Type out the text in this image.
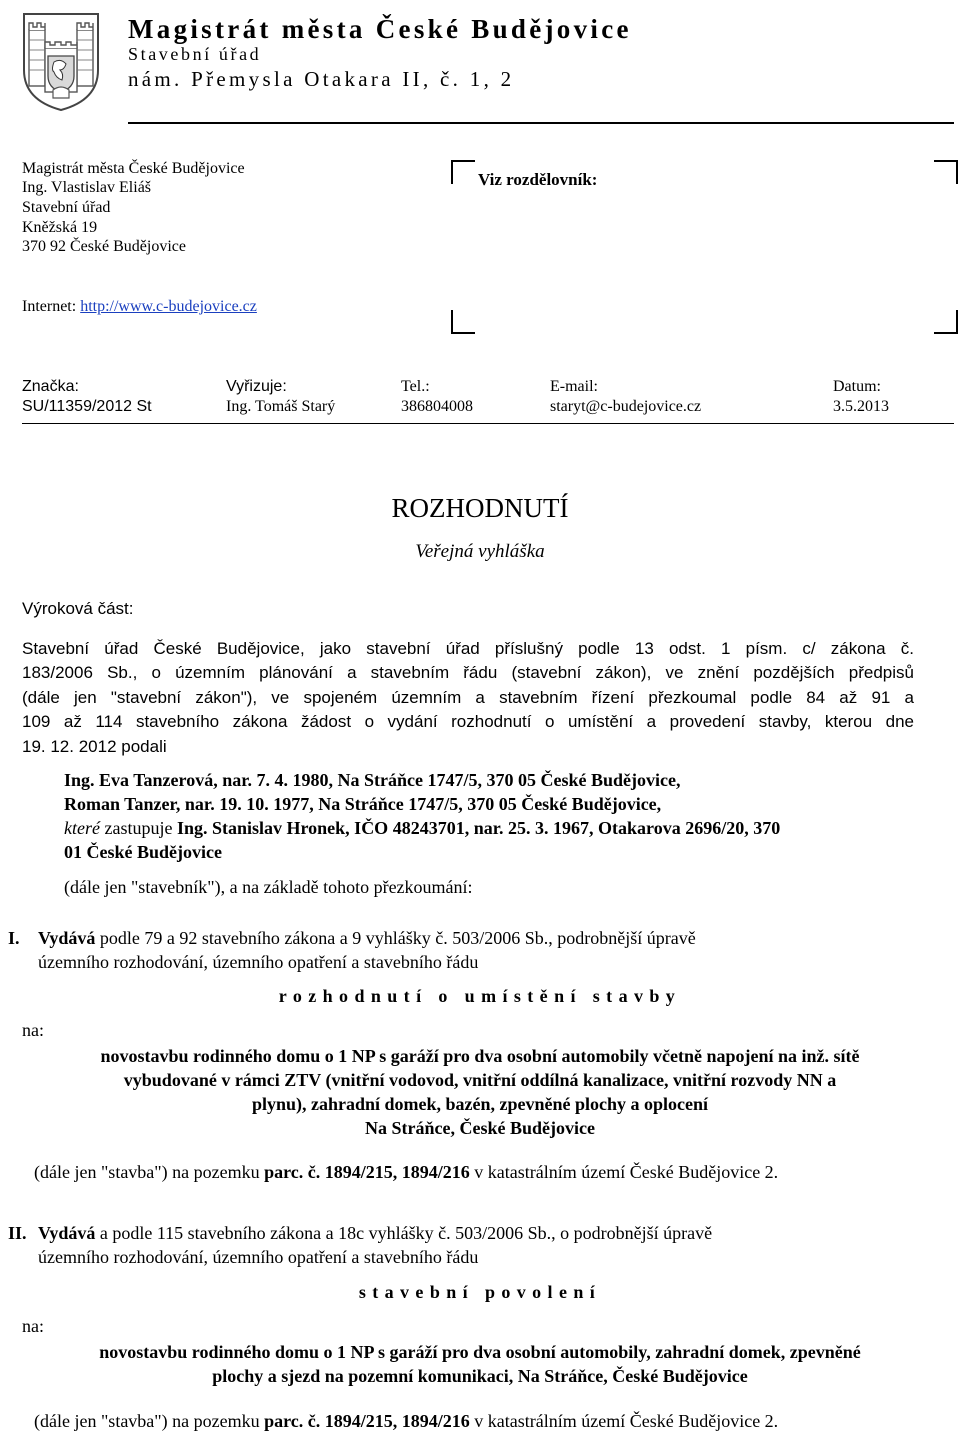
Magistrát města České Budějovice
Stavební úřad
nám. Přemysla Otakara II, č. 1, 2
Magistrát města České Budějovice
Ing. Vlastislav Eliáš
Stavební úřad
Kněžská 19
370 92 České Budějovice
Internet: http://www.c-budejovice.cz
Viz rozdělovník:
Značka:
SU/11359/2012 St
Vyřizuje:
Ing. Tomáš Starý
Tel.:
386804008
E-mail:
staryt@c-budejovice.cz
Datum:
3.5.2013
ROZHODNUTÍ
Veřejná vyhláška
Výroková část:
Stavební úřad České Budějovice, jako stavební úřad příslušný podle 13 odst. 1 písm. c/ zákona č.
183/2006 Sb., o územním plánování a stavebním řádu (stavební zákon), ve znění pozdějších předpisů
(dále jen "stavební zákon"), ve spojeném územním a stavebním řízení přezkoumal podle 84 až 91 a
109 až 114 stavebního zákona žádost o vydání rozhodnutí o umístění a provedení stavby, kterou dne
19. 12. 2012 podali
Ing. Eva Tanzerová, nar. 7. 4. 1980, Na Stráňce 1747/5, 370 05 České Budějovice,
Roman Tanzer, nar. 19. 10. 1977, Na Stráňce 1747/5, 370 05 České Budějovice,
které zastupuje Ing. Stanislav Hronek, IČO 48243701, nar. 25. 3. 1967, Otakarova 2696/20, 370
01 České Budějovice
(dále jen "stavebník"), a na základě tohoto přezkoumání:
I. Vydává podle 79 a 92 stavebního zákona a 9 vyhlášky č. 503/2006 Sb., podrobnější úpravě
územního rozhodování, územního opatření a stavebního řádu
rozhodnutí o umístění stavby
na:
novostavbu rodinného domu o 1 NP s garáží pro dva osobní automobily včetně napojení na inž. sítě
vybudované v rámci ZTV (vnitřní vodovod, vnitřní oddílná kanalizace, vnitřní rozvody NN a
plynu), zahradní domek, bazén, zpevněné plochy a oplocení
Na Stráňce, České Budějovice
(dále jen "stavba") na pozemku parc. č. 1894/215, 1894/216 v katastrálním území České Budějovice 2.
II. Vydává a podle 115 stavebního zákona a 18c vyhlášky č. 503/2006 Sb., o podrobnější úpravě
územního rozhodování, územního opatření a stavebního řádu
stavební povolení
na:
novostavbu rodinného domu o 1 NP s garáží pro dva osobní automobily, zahradní domek, zpevněné
plochy a sjezd na pozemní komunikaci, Na Stráňce, České Budějovice
(dále jen "stavba") na pozemku parc. č. 1894/215, 1894/216 v katastrálním území České Budějovice 2.
